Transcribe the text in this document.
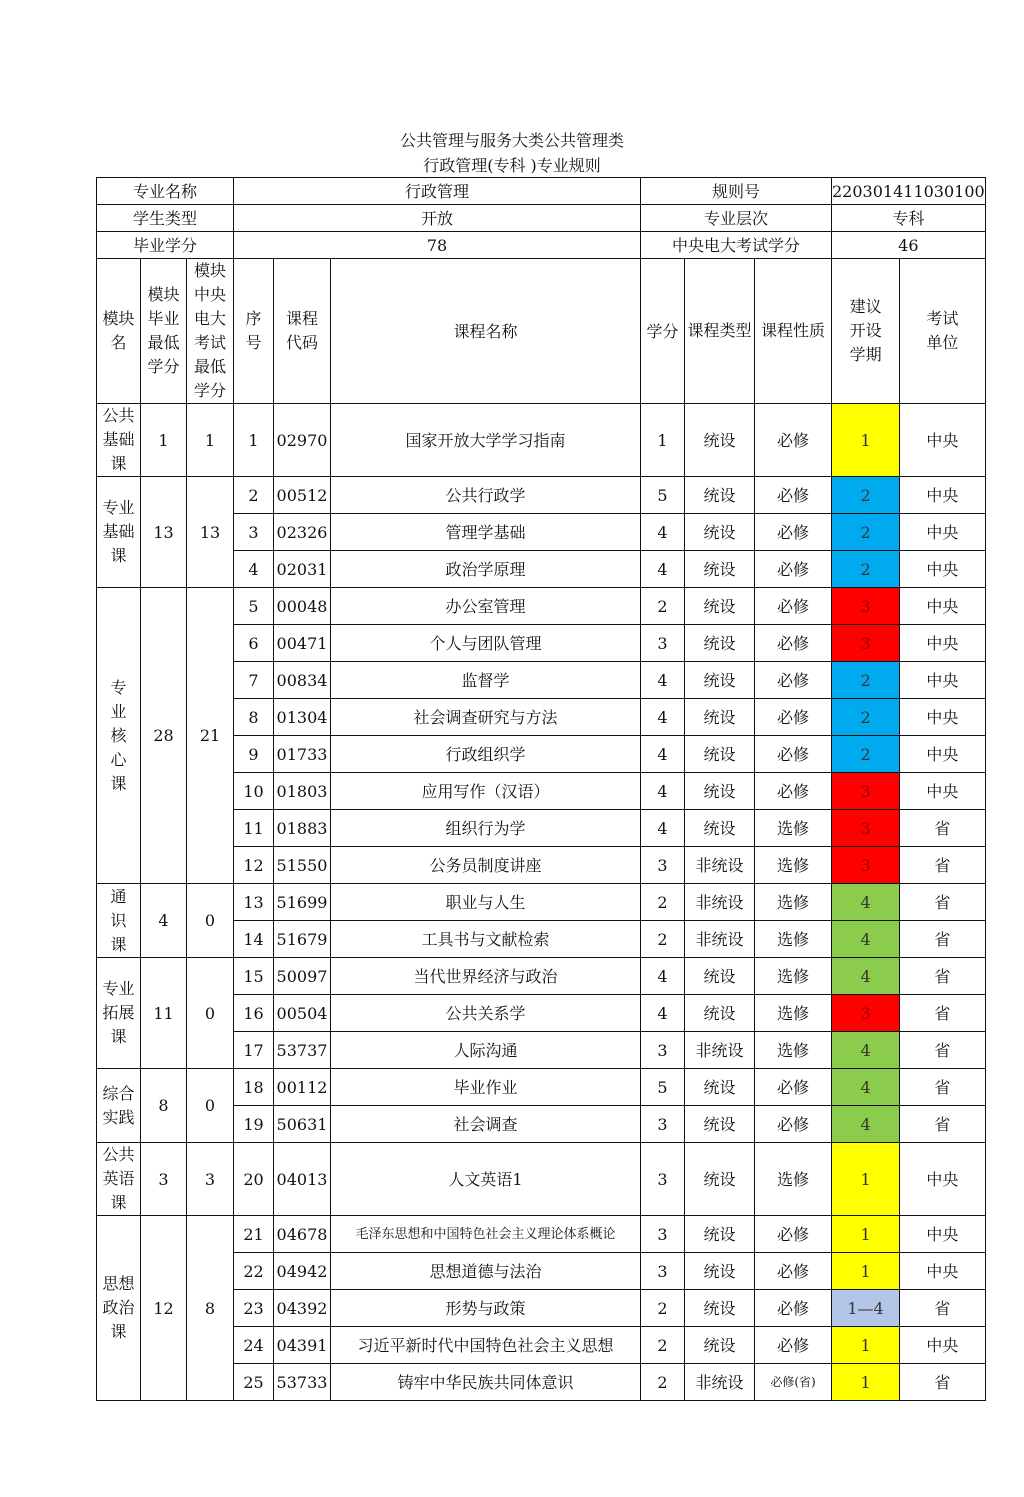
公共管理与服务大类公共管理类
行政管理(专科 )专业规则
专业名称			行政管理			规则号			220301411030100	
学生类型			开放			专业层次			专科	
毕业学分			78			中央电大考试学分			46	
模块名	模块毕业最低学分	模块中央电大考试最低学分	序号	课程代码	课程名称	学分	课程类型	课程性质	建议开设学期	考试单位
公共基础课	1	1	1	02970	国家开放大学学习指南	1	统设	必修	1	中央
专业基础课	13	13	2	00512	公共行政学	5	统设	必修	2	中央
			3	02326	管理学基础	4	统设	必修	2	中央
			4	02031	政治学原理	4	统设	必修	2	中央
专业核心课	28	21	5	00048	办公室管理	2	统设	必修	3	中央
			6	00471	个人与团队管理	3	统设	必修	3	中央
			7	00834	监督学	4	统设	必修	2	中央
			8	01304	社会调查研究与方法	4	统设	必修	2	中央
			9	01733	行政组织学	4	统设	必修	2	中央
			10	01803	应用写作（汉语）	4	统设	必修	3	中央
			11	01883	组织行为学	4	统设	选修	3	省
			12	51550	公务员制度讲座	3	非统设	选修	3	省
通识课	4	0	13	51699	职业与人生	2	非统设	选修	4	省
			14	51679	工具书与文献检索	2	非统设	选修	4	省
专业拓展课	11	0	15	50097	当代世界经济与政治	4	统设	选修	4	省
			16	00504	公共关系学	4	统设	选修	3	省
			17	53737	人际沟通	3	非统设	选修	4	省
综合实践	8	0	18	00112	毕业作业	5	统设	必修	4	省
			19	50631	社会调查	3	统设	必修	4	省
公共英语课	3	3	20	04013	人文英语1	3	统设	选修	1	中央
思想政治课	12	8	21	04678	毛泽东思想和中国特色社会主义理论体系概论	3	统设	必修	1	中央
			22	04942	思想道德与法治	3	统设	必修	1	中央
			23	04392	形势与政策	2	统设	必修	1—4	省
			24	04391	习近平新时代中国特色社会主义思想	2	统设	必修	1	中央
			25	53733	铸牢中华民族共同体意识	2	非统设	必修(省)	1	省
